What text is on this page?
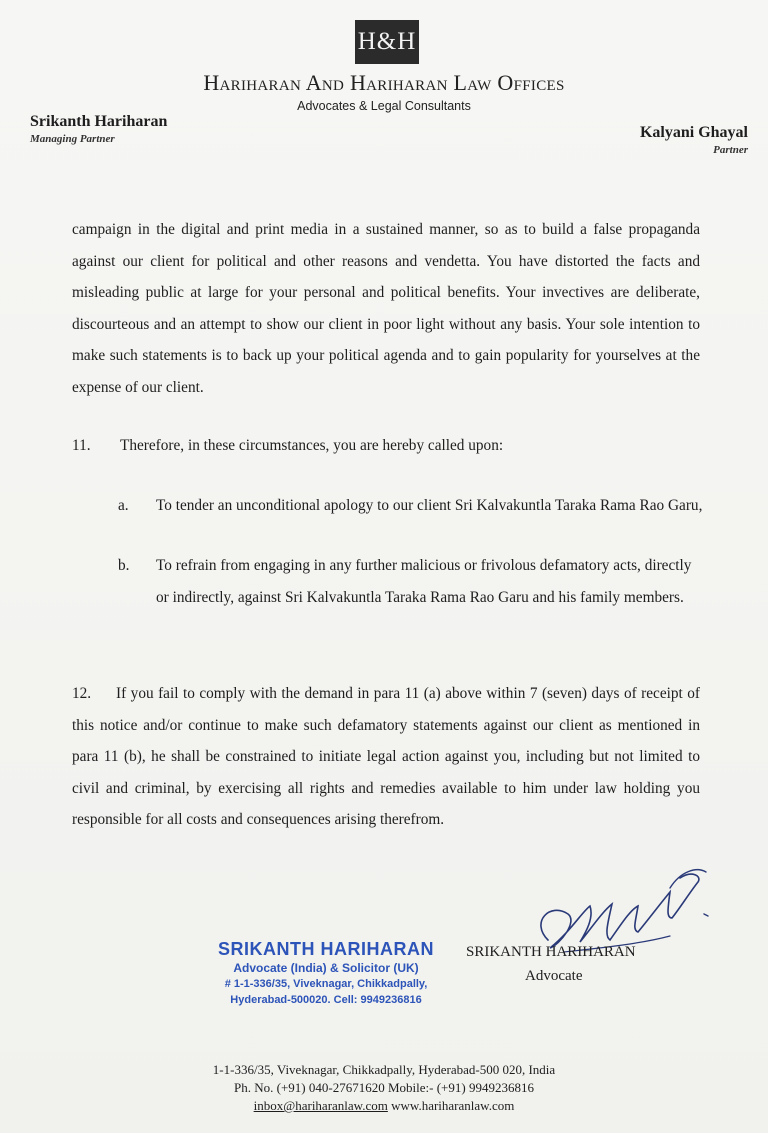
H&H
Hariharan And Hariharan Law Offices
Advocates & Legal Consultants
Srikanth Hariharan
Managing Partner	Kalyani Ghayal
Partner
campaign in the digital and print media in a sustained manner, so as to build a false propaganda against our client for political and other reasons and vendetta. You have distorted the facts and misleading public at large for your personal and political benefits. Your invectives are deliberate, discourteous and an attempt to show our client in poor light without any basis. Your sole intention to make such statements is to back up your political agenda and to gain popularity for yourselves at the expense of our client.
11. Therefore, in these circumstances, you are hereby called upon:
a. To tender an unconditional apology to our client Sri Kalvakuntla Taraka Rama Rao Garu,
b. To refrain from engaging in any further malicious or frivolous defamatory acts, directly or indirectly, against Sri Kalvakuntla Taraka Rama Rao Garu and his family members.
12. If you fail to comply with the demand in para 11 (a) above within 7 (seven) days of receipt of this notice and/or continue to make such defamatory statements against our client as mentioned in para 11 (b), he shall be constrained to initiate legal action against you, including but not limited to civil and criminal, by exercising all rights and remedies available to him under law holding you responsible for all costs and consequences arising therefrom.
SRIKANTH HARIHARAN
Advocate (India) & Solicitor (UK)
# 1-1-336/35, Viveknagar, Chikkadpally,
Hyderabad-500020. Cell: 9949236816
SRIKANTH HARIHARAN
Advocate
1-1-336/35, Viveknagar, Chikkadpally, Hyderabad-500 020, India
Ph. No. (+91) 040-27671620 Mobile:- (+91) 9949236816
inbox@hariharanlaw.com www.hariharanlaw.com
